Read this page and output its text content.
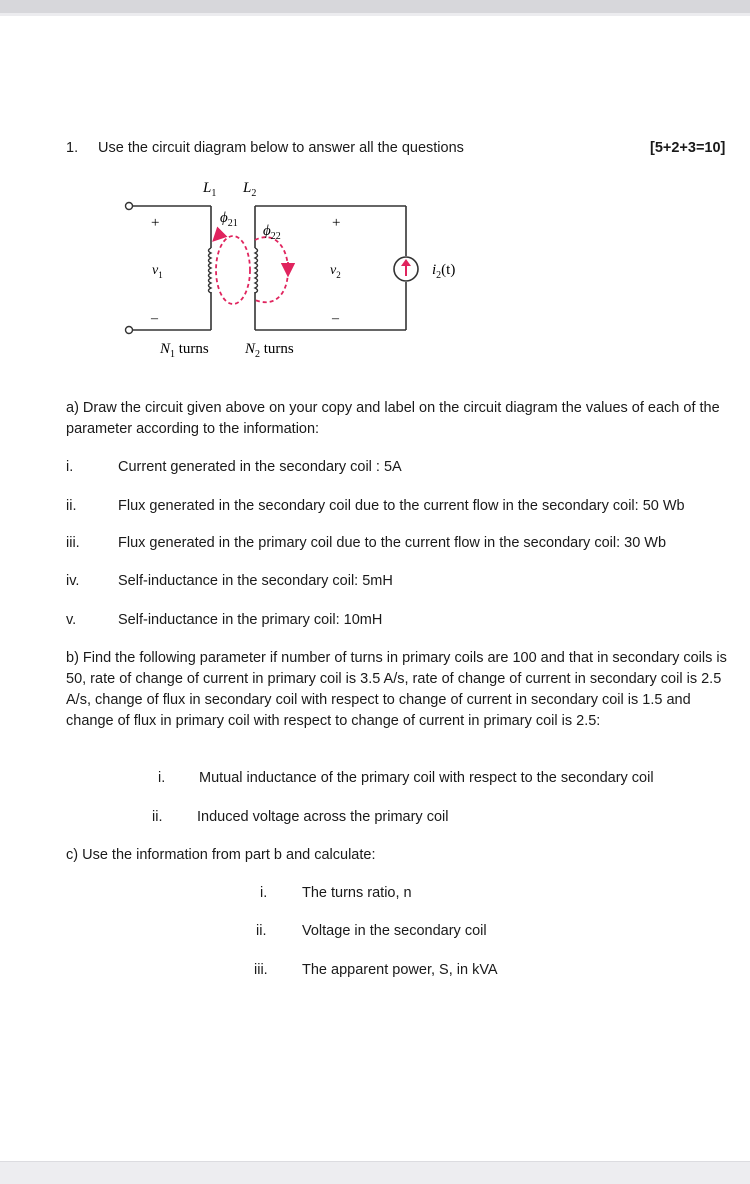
1. Use the circuit diagram below to answer all the questions	[5+2+3=10]
$L_1$ $L_2$
$\phi_{21}$ $\phi_{22}$
+	+
–	–
$v_1$	$v_2$	$i_2(t)$
$N_1$ turns $N_2$ turns
a) Draw the circuit given above on your copy and label on the circuit diagram the values of each of the parameter according to the information:
i.	Current generated in the secondary coil : 5A
ii.	Flux generated in the secondary coil due to the current flow in the secondary coil: 50 Wb
iii.	Flux generated in the primary coil due to the current flow in the secondary coil: 30 Wb
iv.	Self-inductance in the secondary coil: 5mH
v.	Self-inductance in the primary coil: 10mH
b) Find the following parameter if number of turns in primary coils are 100 and that in secondary coils is 50, rate of change of current in primary coil is 3.5 A/s, rate of change of current in secondary coil is 2.5 A/s, change of flux in secondary coil with respect to change of current in secondary coil is 1.5 and change of flux in primary coil with respect to change of current in primary coil is 2.5:
i. Mutual inductance of the primary coil with respect to the secondary coil
ii. Induced voltage across the primary coil
c) Use the information from part b and calculate:
i. The turns ratio, n
ii. Voltage in the secondary coil
iii. The apparent power, S, in kVA
